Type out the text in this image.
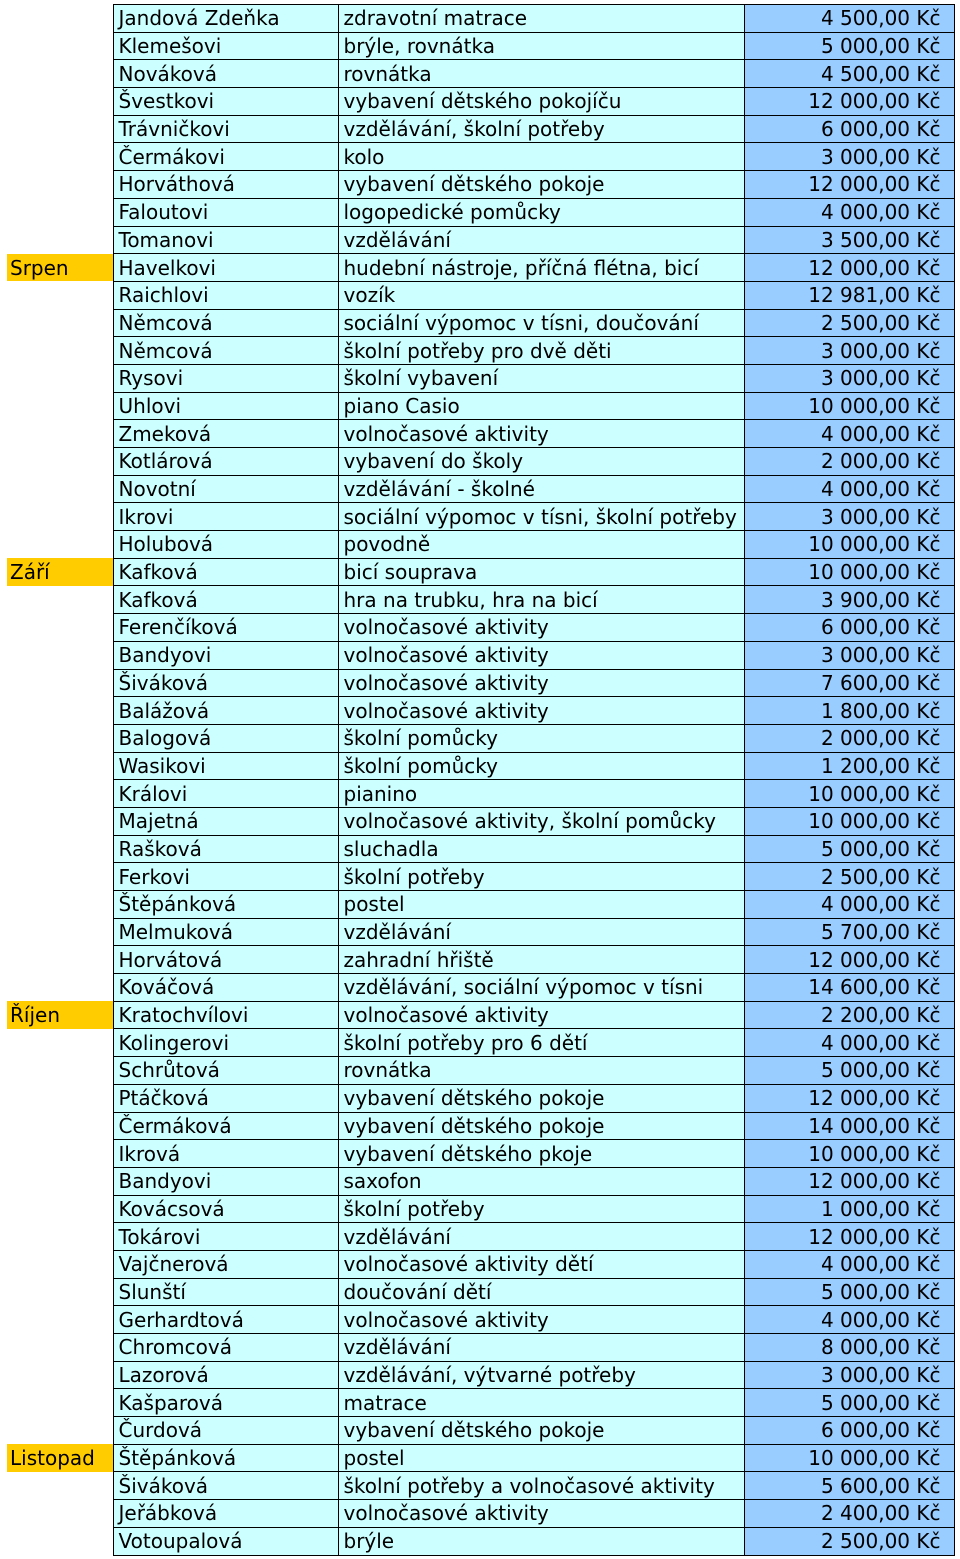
	Jandová Zdeňka	zdravotní matrace	4 500,00 Kč
	Klemešovi	brýle, rovnátka	5 000,00 Kč
	Nováková	rovnátka	4 500,00 Kč
	Švestkovi	vybavení dětského pokojíču	12 000,00 Kč
	Trávničkovi	vzdělávání, školní potřeby	6 000,00 Kč
	Čermákovi	kolo	3 000,00 Kč
	Horváthová	vybavení dětského pokoje	12 000,00 Kč
	Faloutovi	logopedické pomůcky	4 000,00 Kč
	Tomanovi	vzdělávání	3 500,00 Kč
Srpen	Havelkovi	hudební nástroje, příčná flétna, bicí	12 000,00 Kč
	Raichlovi	vozík	12 981,00 Kč
	Němcová	sociální výpomoc v tísni, doučování	2 500,00 Kč
	Němcová	školní potřeby pro dvě děti	3 000,00 Kč
	Rysovi	školní vybavení	3 000,00 Kč
	Uhlovi	piano Casio	10 000,00 Kč
	Zmeková	volnočasové aktivity	4 000,00 Kč
	Kotlárová	vybavení do školy	2 000,00 Kč
	Novotní	vzdělávání - školné	4 000,00 Kč
	Ikrovi	sociální výpomoc v tísni, školní potřeby	3 000,00 Kč
	Holubová	povodně	10 000,00 Kč
Září	Kafková	bicí souprava	10 000,00 Kč
	Kafková	hra na trubku, hra na bicí	3 900,00 Kč
	Ferenčíková	volnočasové aktivity	6 000,00 Kč
	Bandyovi	volnočasové aktivity	3 000,00 Kč
	Šiváková	volnočasové aktivity	7 600,00 Kč
	Balážová	volnočasové aktivity	1 800,00 Kč
	Balogová	školní pomůcky	2 000,00 Kč
	Wasikovi	školní pomůcky	1 200,00 Kč
	Královi	pianino	10 000,00 Kč
	Majetná	volnočasové aktivity, školní pomůcky	10 000,00 Kč
	Rašková	sluchadla	5 000,00 Kč
	Ferkovi	školní potřeby	2 500,00 Kč
	Štěpánková	postel	4 000,00 Kč
	Melmuková	vzdělávání	5 700,00 Kč
	Horvátová	zahradní hřiště	12 000,00 Kč
	Kováčová	vzdělávání, sociální výpomoc v tísni	14 600,00 Kč
Říjen	Kratochvílovi	volnočasové aktivity	2 200,00 Kč
	Kolingerovi	školní potřeby pro 6 dětí	4 000,00 Kč
	Schrůtová	rovnátka	5 000,00 Kč
	Ptáčková	vybavení dětského pokoje	12 000,00 Kč
	Čermáková	vybavení dětského pokoje	14 000,00 Kč
	Ikrová	vybavení dětského pkoje	10 000,00 Kč
	Bandyovi	saxofon	12 000,00 Kč
	Kovácsová	školní potřeby	1 000,00 Kč
	Tokárovi	vzdělávání	12 000,00 Kč
	Vajčnerová	volnočasové aktivity dětí	4 000,00 Kč
	Slunští	doučování dětí	5 000,00 Kč
	Gerhardtová	volnočasové aktivity	4 000,00 Kč
	Chromcová	vzdělávání	8 000,00 Kč
	Lazorová	vzdělávání, výtvarné potřeby	3 000,00 Kč
	Kašparová	matrace	5 000,00 Kč
	Čurdová	vybavení dětského pokoje	6 000,00 Kč
Listopad	Štěpánková	postel	10 000,00 Kč
	Šiváková	školní potřeby a volnočasové aktivity	5 600,00 Kč
	Jeřábková	volnočasové aktivity	2 400,00 Kč
	Votoupalová	brýle	2 500,00 Kč
